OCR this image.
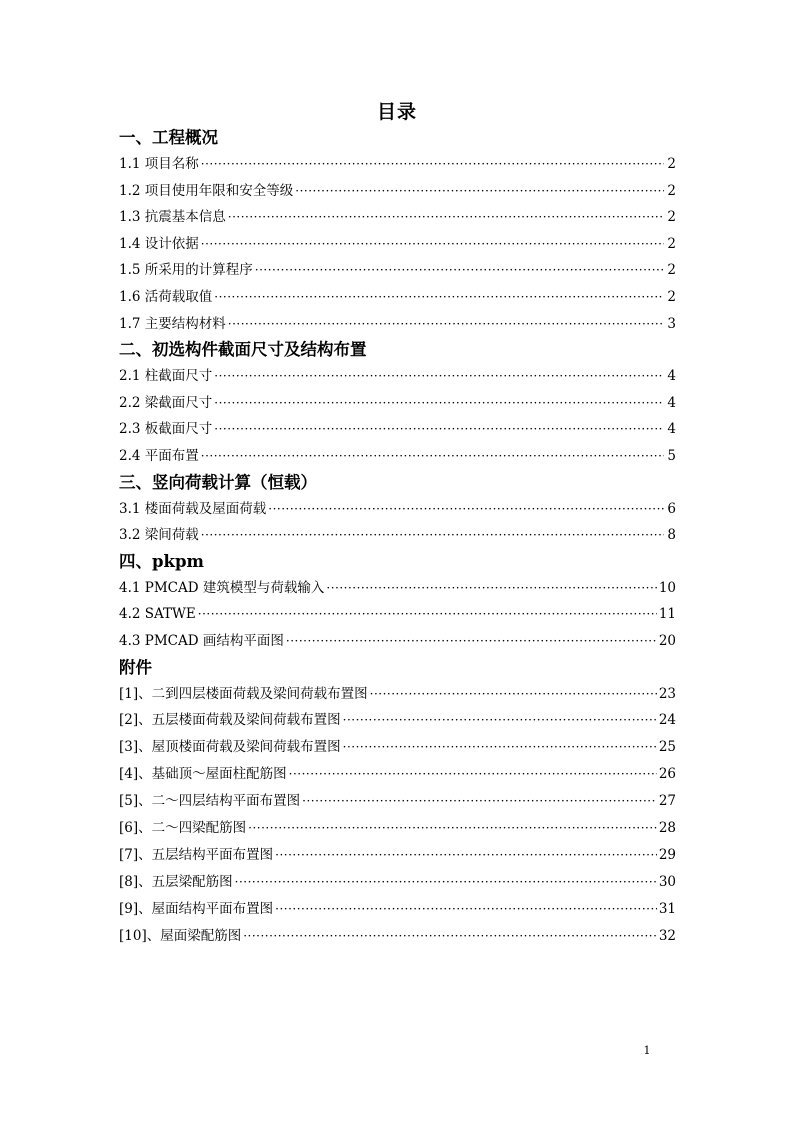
目录
一、工程概况
1.1 项目名称 ·····	2
1.2 项目使用年限和安全等级 ·····	2
1.3 抗震基本信息 ·····	2
1.4 设计依据 ·····	2
1.5 所采用的计算程序 ·····	2
1.6 活荷载取值 ·····	2
1.7 主要结构材料 ·····	3
二、初选构件截面尺寸及结构布置
2.1 柱截面尺寸 ·····	4
2.2 梁截面尺寸 ·····	4
2.3 板截面尺寸 ·····	4
2.4 平面布置 ·····	5
三、竖向荷载计算（恒载）
3.1 楼面荷载及屋面荷载 ·····	6
3.2 梁间荷载 ·····	8
四、pkpm
4.1 PMCAD 建筑模型与荷载输入 ·····	10
4.2 SATWE ·····	11
4.3 PMCAD 画结构平面图 ·····	20
附件
[1]、二到四层楼面荷载及梁间荷载布置图 ·····	23
[2]、五层楼面荷载及梁间荷载布置图 ·····	24
[3]、屋顶楼面荷载及梁间荷载布置图 ·····	25
[4]、基础顶～屋面柱配筋图 ·····	26
[5]、二～四层结构平面布置图 ·····	27
[6]、二～四梁配筋图 ·····	28
[7]、五层结构平面布置图 ·····	29
[8]、五层梁配筋图 ·····	30
[9]、屋面结构平面布置图 ·····	31
[10]、屋面梁配筋图 ·····	32
1
